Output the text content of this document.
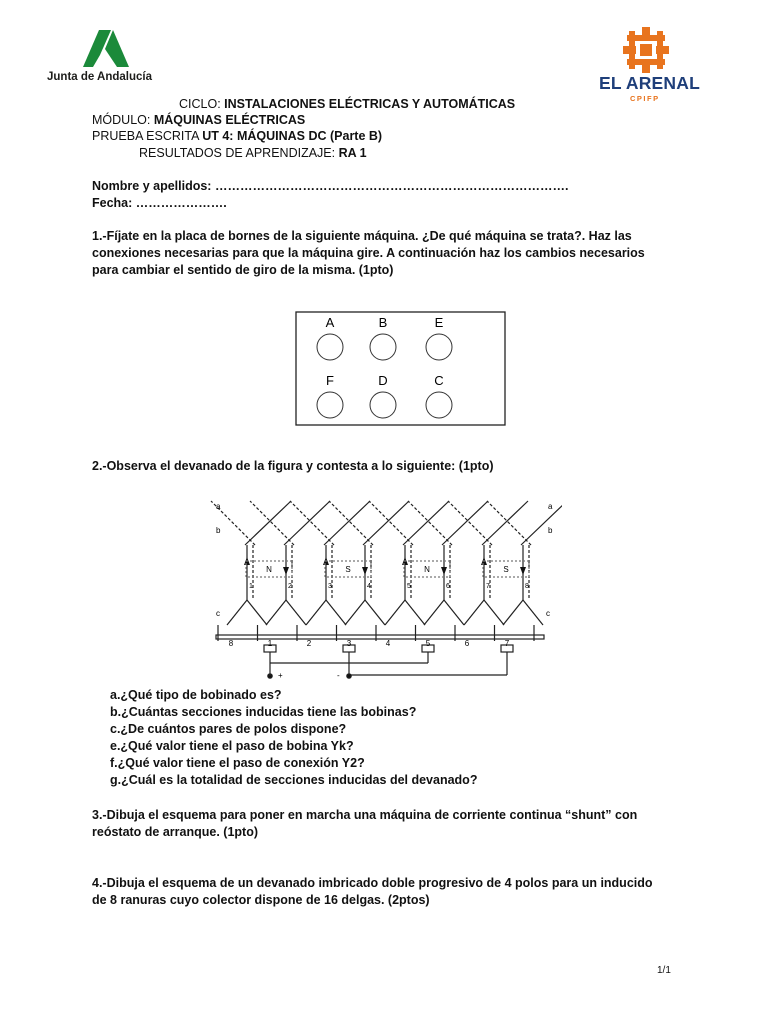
Junta de Andalucía	EL ARENAL
CPIFP
CICLO: INSTALACIONES ELÉCTRICAS Y AUTOMÁTICAS
MÓDULO: MÁQUINAS ELÉCTRICAS
PRUEBA ESCRITA UT 4: MÁQUINAS DC (Parte B)
RESULTADOS DE APRENDIZAJE: RA 1
Nombre y apellidos: ………………………………………………………………………….
Fecha: ………………….
1.-Fíjate en la placa de bornes de la siguiente máquina. ¿De qué máquina se trata?. Haz las conexiones necesarias para que la máquina gire. A continuación haz los cambios necesarios para cambiar el sentido de giro de la misma. (1pto)
A	B	E
F	D	C
2.-Observa el devanado de la figura y contesta a lo siguiente: (1pto)
a
b
c
a
b
c
N	S	N	S
1	2	3	4	5	6	7	8
8	1	2	3	4	5	6	7
+	-
a.¿Qué tipo de bobinado es?
b.¿Cuántas secciones inducidas tiene las bobinas?
c.¿De cuántos pares de polos dispone?
e.¿Qué valor tiene el paso de bobina Yk?
f.¿Qué valor tiene el paso de conexión Y2?
g.¿Cuál es la totalidad de secciones inducidas del devanado?
3.-Dibuja el esquema para poner en marcha una máquina de corriente continua “shunt” con reóstato de arranque. (1pto)
4.-Dibuja el esquema de un devanado imbricado doble progresivo de 4 polos para un inducido de 8 ranuras cuyo colector dispone de 16 delgas. (2ptos)
1/1
